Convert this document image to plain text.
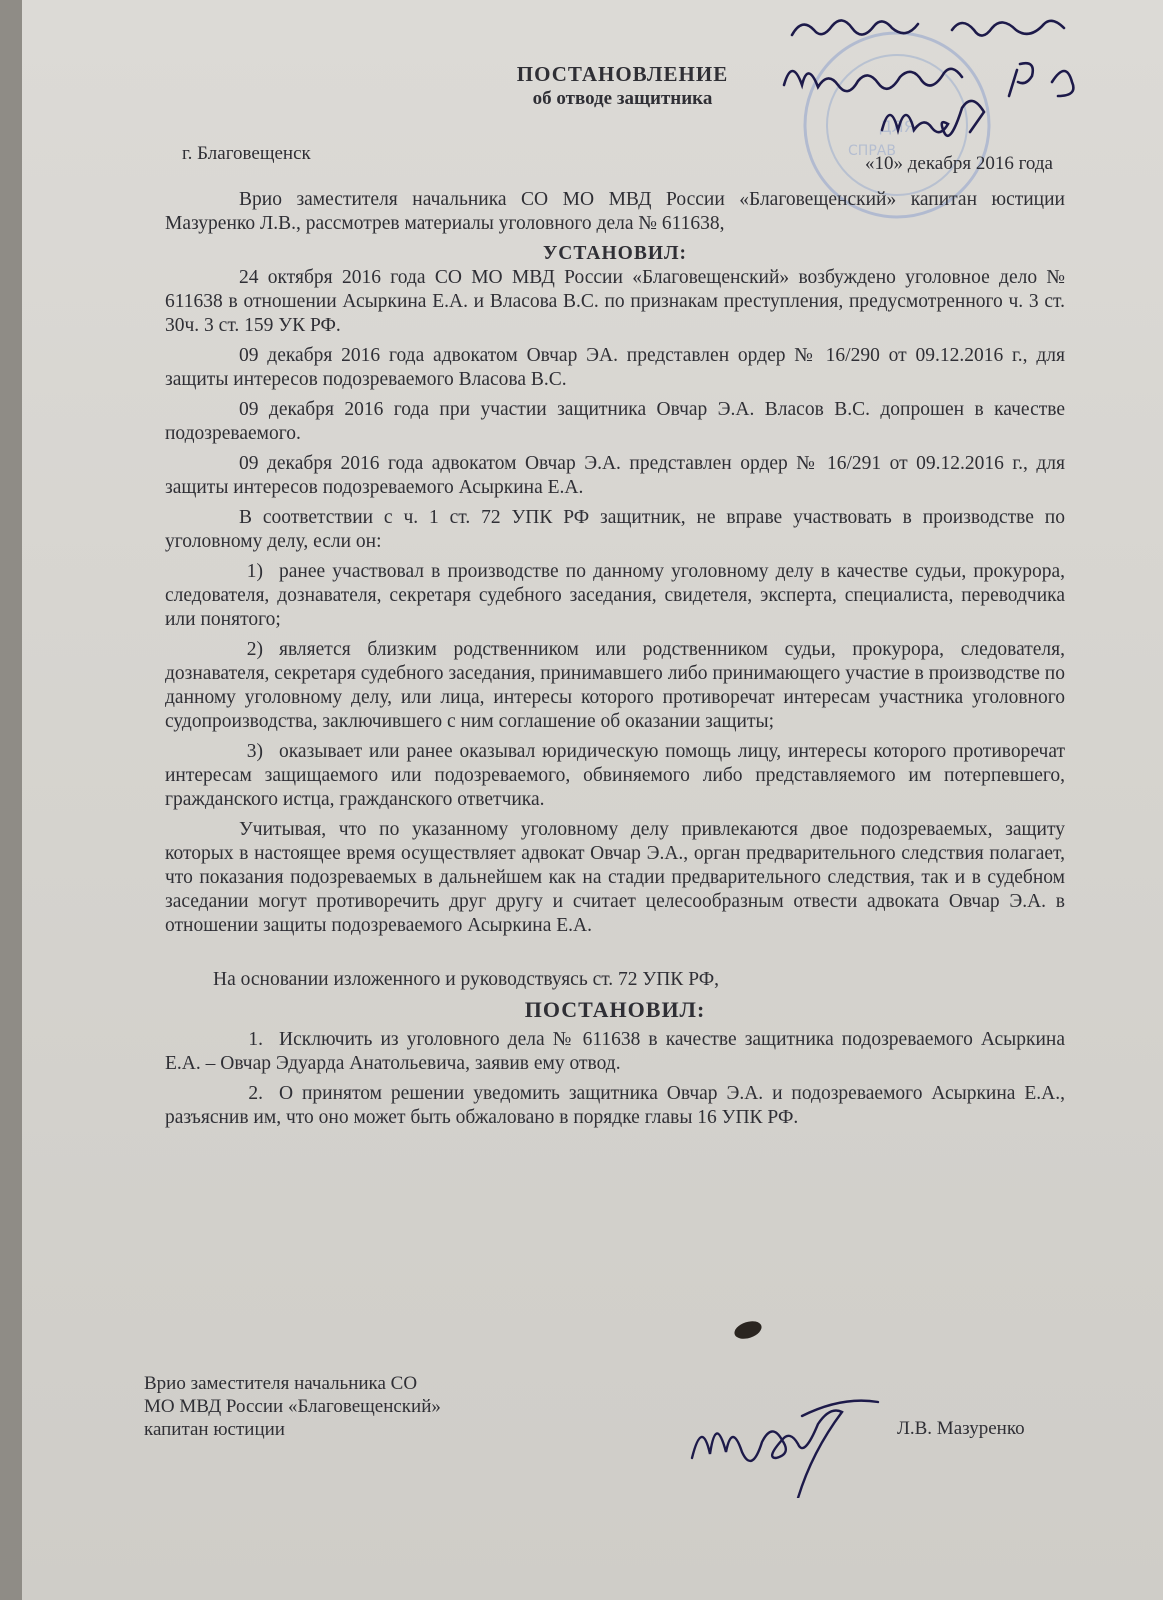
ДЛЯ
СПРАВ
ПОСТАНОВЛЕНИЕ
об отводе защитника
г. Благовещенск	«10» декабря 2016 года

Врио заместителя начальника СО МО МВД России «Благовещенский» капитан юстиции Мазуренко Л.В., рассмотрев материалы уголовного дела № 611638,

УСТАНОВИЛ:

24 октября 2016 года СО МО МВД России «Благовещенский» возбуждено уголовное дело № 611638 в отношении Асыркина Е.А. и Власова В.С. по признакам преступления, предусмотренного ч. 3 ст. 30ч. 3 ст. 159 УК РФ.

09 декабря 2016 года адвокатом Овчар ЭА. представлен ордер № 16/290 от 09.12.2016 г., для защиты интересов подозреваемого Власова В.С.

09 декабря 2016 года при участии защитника Овчар Э.А. Власов В.С. допрошен в качестве подозреваемого.

09 декабря 2016 года адвокатом Овчар Э.А. представлен ордер № 16/291 от 09.12.2016 г., для защиты интересов подозреваемого Асыркина Е.А.

В соответствии с ч. 1 ст. 72 УПК РФ защитник, не вправе участвовать в производстве по уголовному делу, если он:

1) ранее участвовал в производстве по данному уголовному делу в качестве судьи, прокурора, следователя, дознавателя, секретаря судебного заседания, свидетеля, эксперта, специалиста, переводчика или понятого;

2) является близким родственником или родственником судьи, прокурора, следователя, дознавателя, секретаря судебного заседания, принимавшего либо принимающего участие в производстве по данному уголовному делу, или лица, интересы которого противоречат интересам участника уголовного судопроизводства, заключившего с ним соглашение об оказании защиты;

3) оказывает или ранее оказывал юридическую помощь лицу, интересы которого противоречат интересам защищаемого или подозреваемого, обвиняемого либо представляемого им потерпевшего, гражданского истца, гражданского ответчика.

Учитывая, что по указанному уголовному делу привлекаются двое подозреваемых, защиту которых в настоящее время осуществляет адвокат Овчар Э.А., орган предварительного следствия полагает, что показания подозреваемых в дальнейшем как на стадии предварительного следствия, так и в судебном заседании могут противоречить друг другу и считает целесообразным отвести адвоката Овчар Э.А. в отношении защиты подозреваемого Асыркина Е.А.

На основании изложенного и руководствуясь ст. 72 УПК РФ,

ПОСТАНОВИЛ:

1. Исключить из уголовного дела № 611638 в качестве защитника подозреваемого Асыркина Е.А. – Овчар Эдуарда Анатольевича, заявив ему отвод.

2. О принятом решении уведомить защитника Овчар Э.А. и подозреваемого Асыркина Е.А., разъяснив им, что оно может быть обжаловано в порядке главы 16 УПК РФ.

Врио заместителя начальника СО
МО МВД России «Благовещенский»
капитан юстиции	Л.В. Мазуренко
